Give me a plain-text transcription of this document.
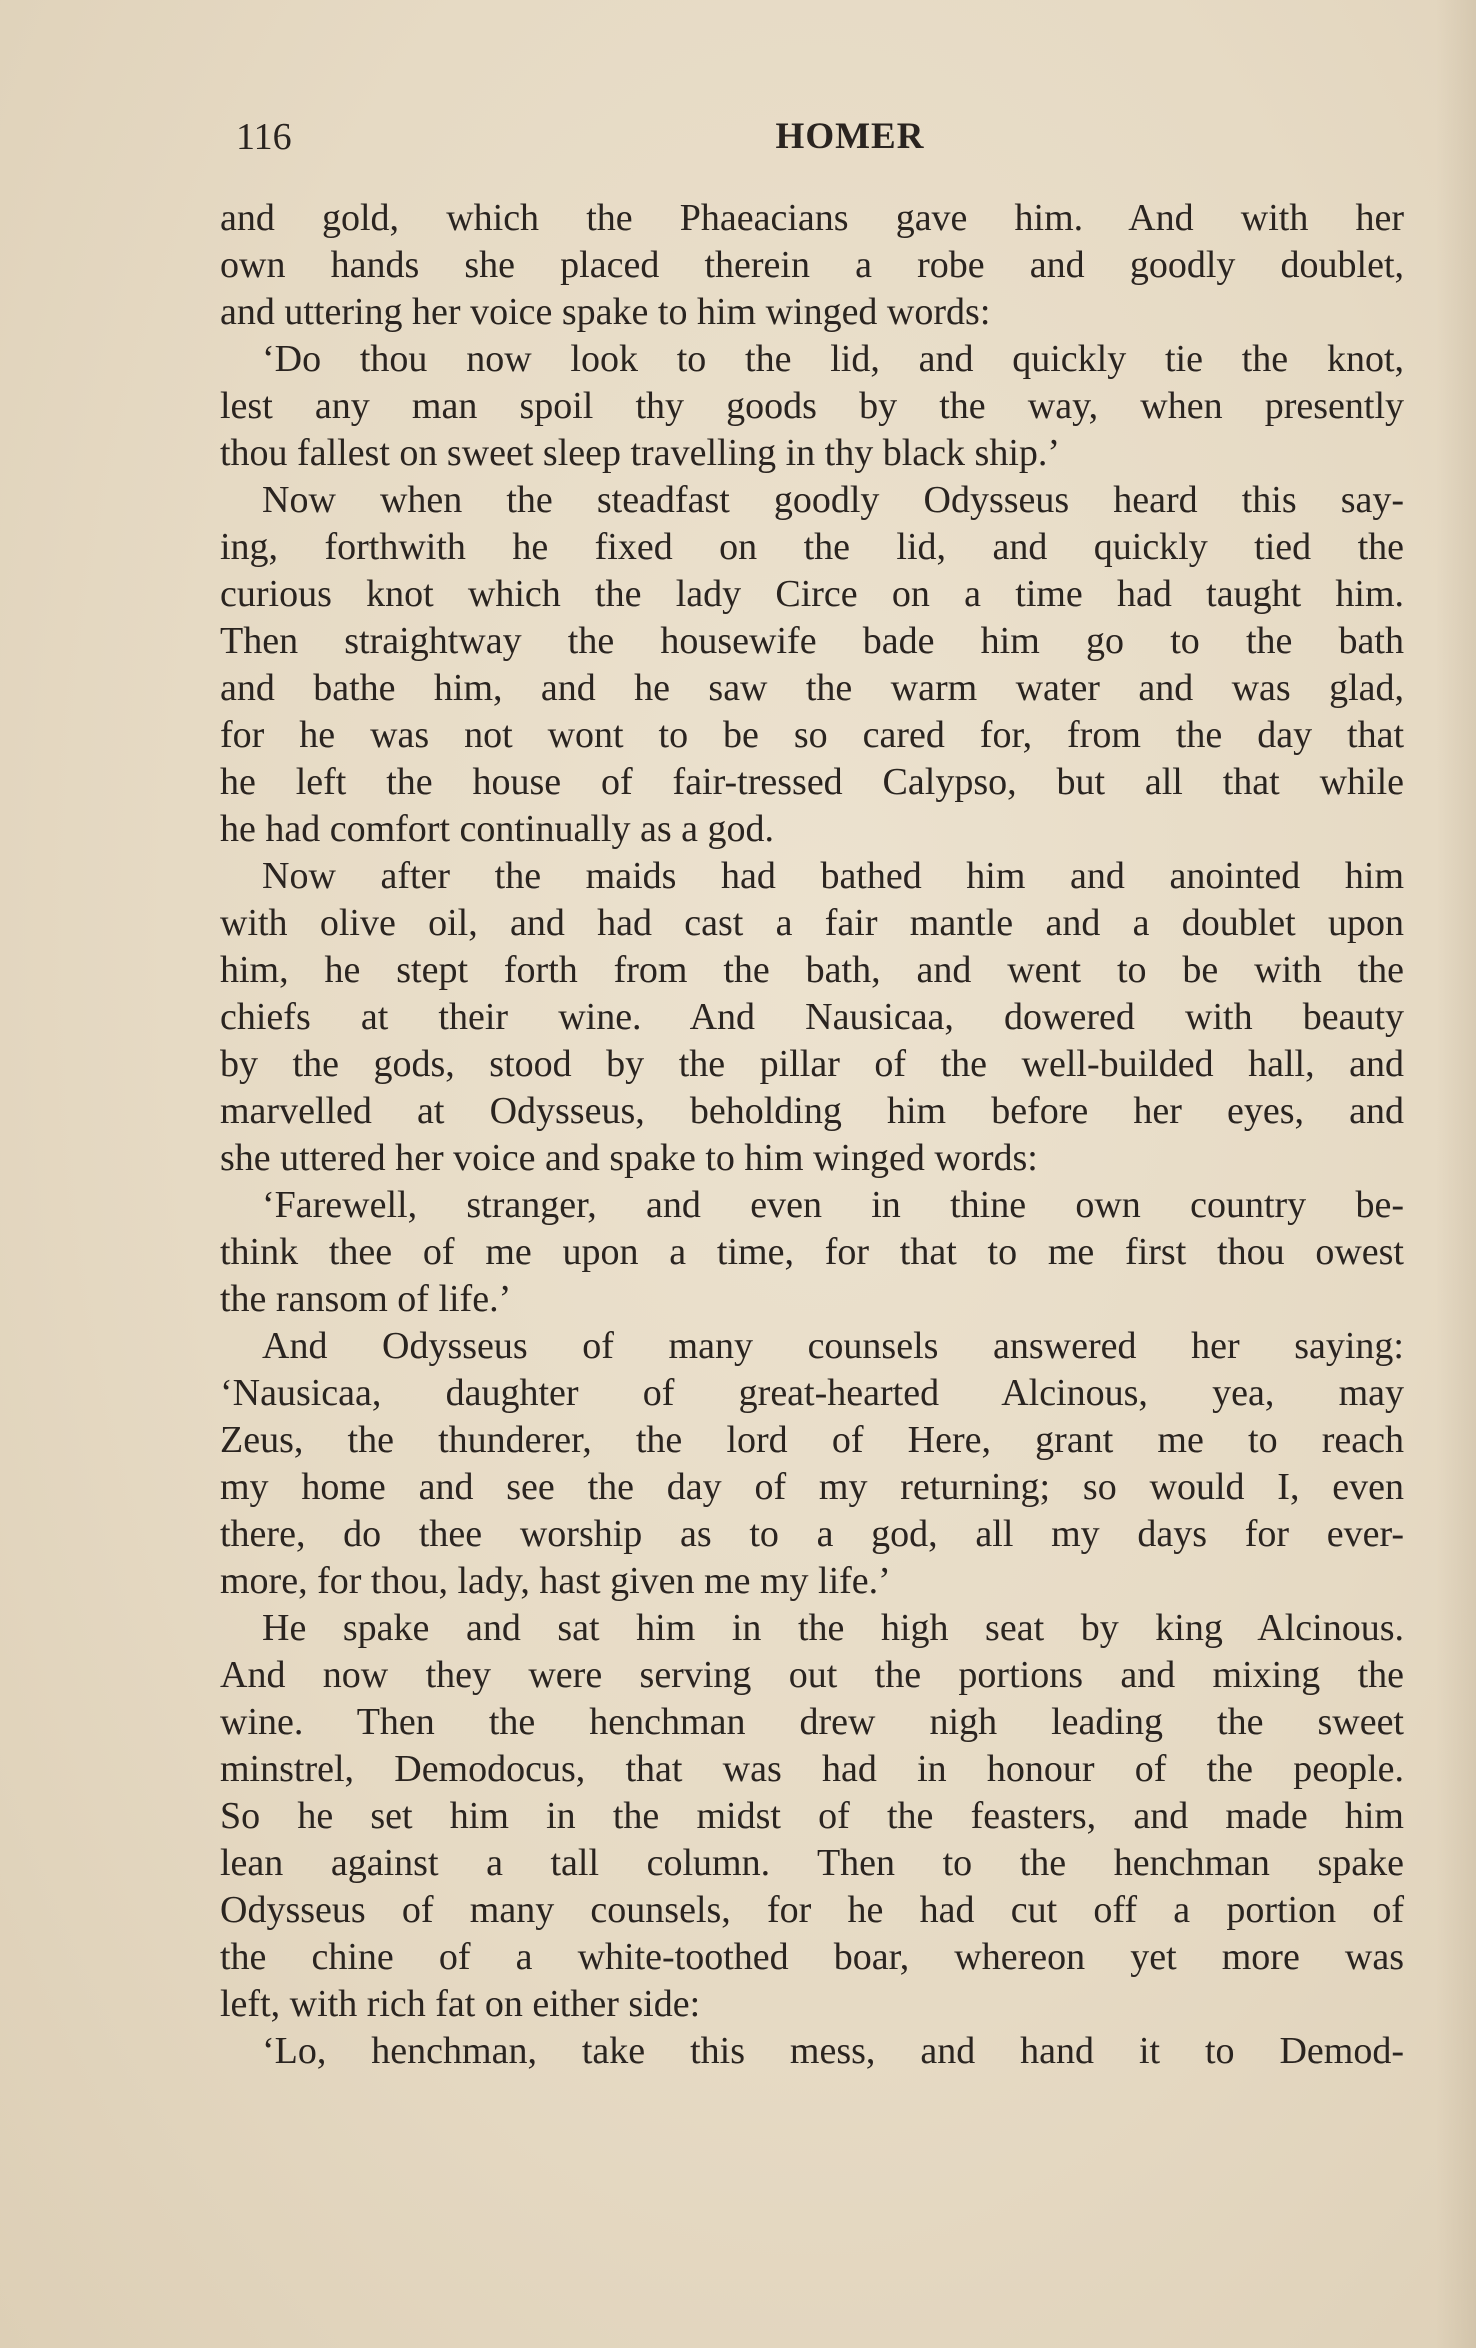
116	HOMER
and gold, which the Phaeacians gave him. And with her
own hands she placed therein a robe and goodly doublet,
and uttering her voice spake to him winged words:
‘Do thou now look to the lid, and quickly tie the knot,
lest any man spoil thy goods by the way, when presently
thou fallest on sweet sleep travelling in thy black ship.’
Now when the steadfast goodly Odysseus heard this say-
ing, forthwith he fixed on the lid, and quickly tied the
curious knot which the lady Circe on a time had taught him.
Then straightway the housewife bade him go to the bath
and bathe him, and he saw the warm water and was glad,
for he was not wont to be so cared for, from the day that
he left the house of fair-tressed Calypso, but all that while
he had comfort continually as a god.
Now after the maids had bathed him and anointed him
with olive oil, and had cast a fair mantle and a doublet upon
him, he stept forth from the bath, and went to be with the
chiefs at their wine. And Nausicaa, dowered with beauty
by the gods, stood by the pillar of the well-builded hall, and
marvelled at Odysseus, beholding him before her eyes, and
she uttered her voice and spake to him winged words:
‘Farewell, stranger, and even in thine own country be-
think thee of me upon a time, for that to me first thou owest
the ransom of life.’
And Odysseus of many counsels answered her saying:
‘Nausicaa, daughter of great-hearted Alcinous, yea, may
Zeus, the thunderer, the lord of Here, grant me to reach
my home and see the day of my returning; so would I, even
there, do thee worship as to a god, all my days for ever-
more, for thou, lady, hast given me my life.’
He spake and sat him in the high seat by king Alcinous.
And now they were serving out the portions and mixing the
wine. Then the henchman drew nigh leading the sweet
minstrel, Demodocus, that was had in honour of the people.
So he set him in the midst of the feasters, and made him
lean against a tall column. Then to the henchman spake
Odysseus of many counsels, for he had cut off a portion of
the chine of a white-toothed boar, whereon yet more was
left, with rich fat on either side:
‘Lo, henchman, take this mess, and hand it to Demod-
